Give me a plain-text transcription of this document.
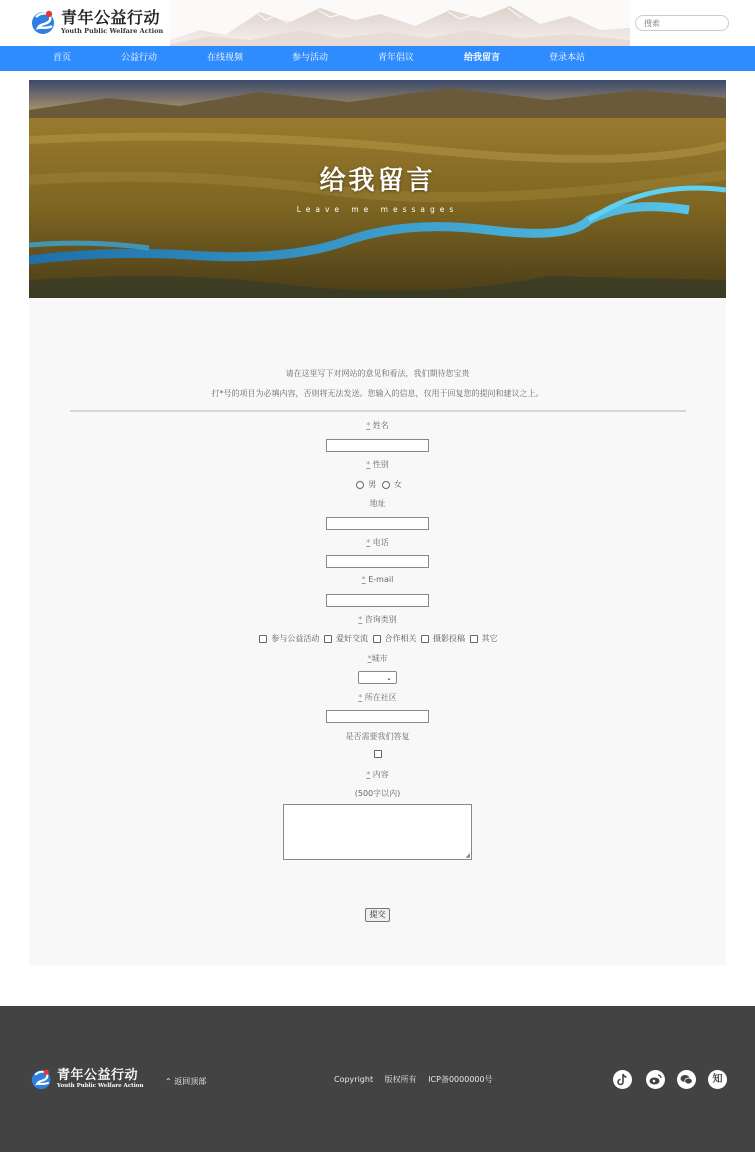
青年公益行动
Youth Public Welfare Action
搜索
首页	公益行动	在线视频	参与活动	青年倡议	给我留言	登录本站
给我留言
Leave me messages
请在这里写下对网站的意见和看法，我们期待您宝贵
打*号的项目为必填内容，否则将无法发送。您输入的信息，仅用于回复您的提问和建议之上。
* 姓名
* 性别
男 女
地址
* 电话
* E-mail
* 咨询类别
参与公益活动 爱好交流 合作相关 摄影投稿 其它
*城市
⌄
* 所在社区
是否需要我们答复
* 内容
(500字以内)
◢
提交
青年公益行动
Youth Public Welfare Action	⌃ 返回顶部	Copyright 版权所有 ICP备0000000号	知
